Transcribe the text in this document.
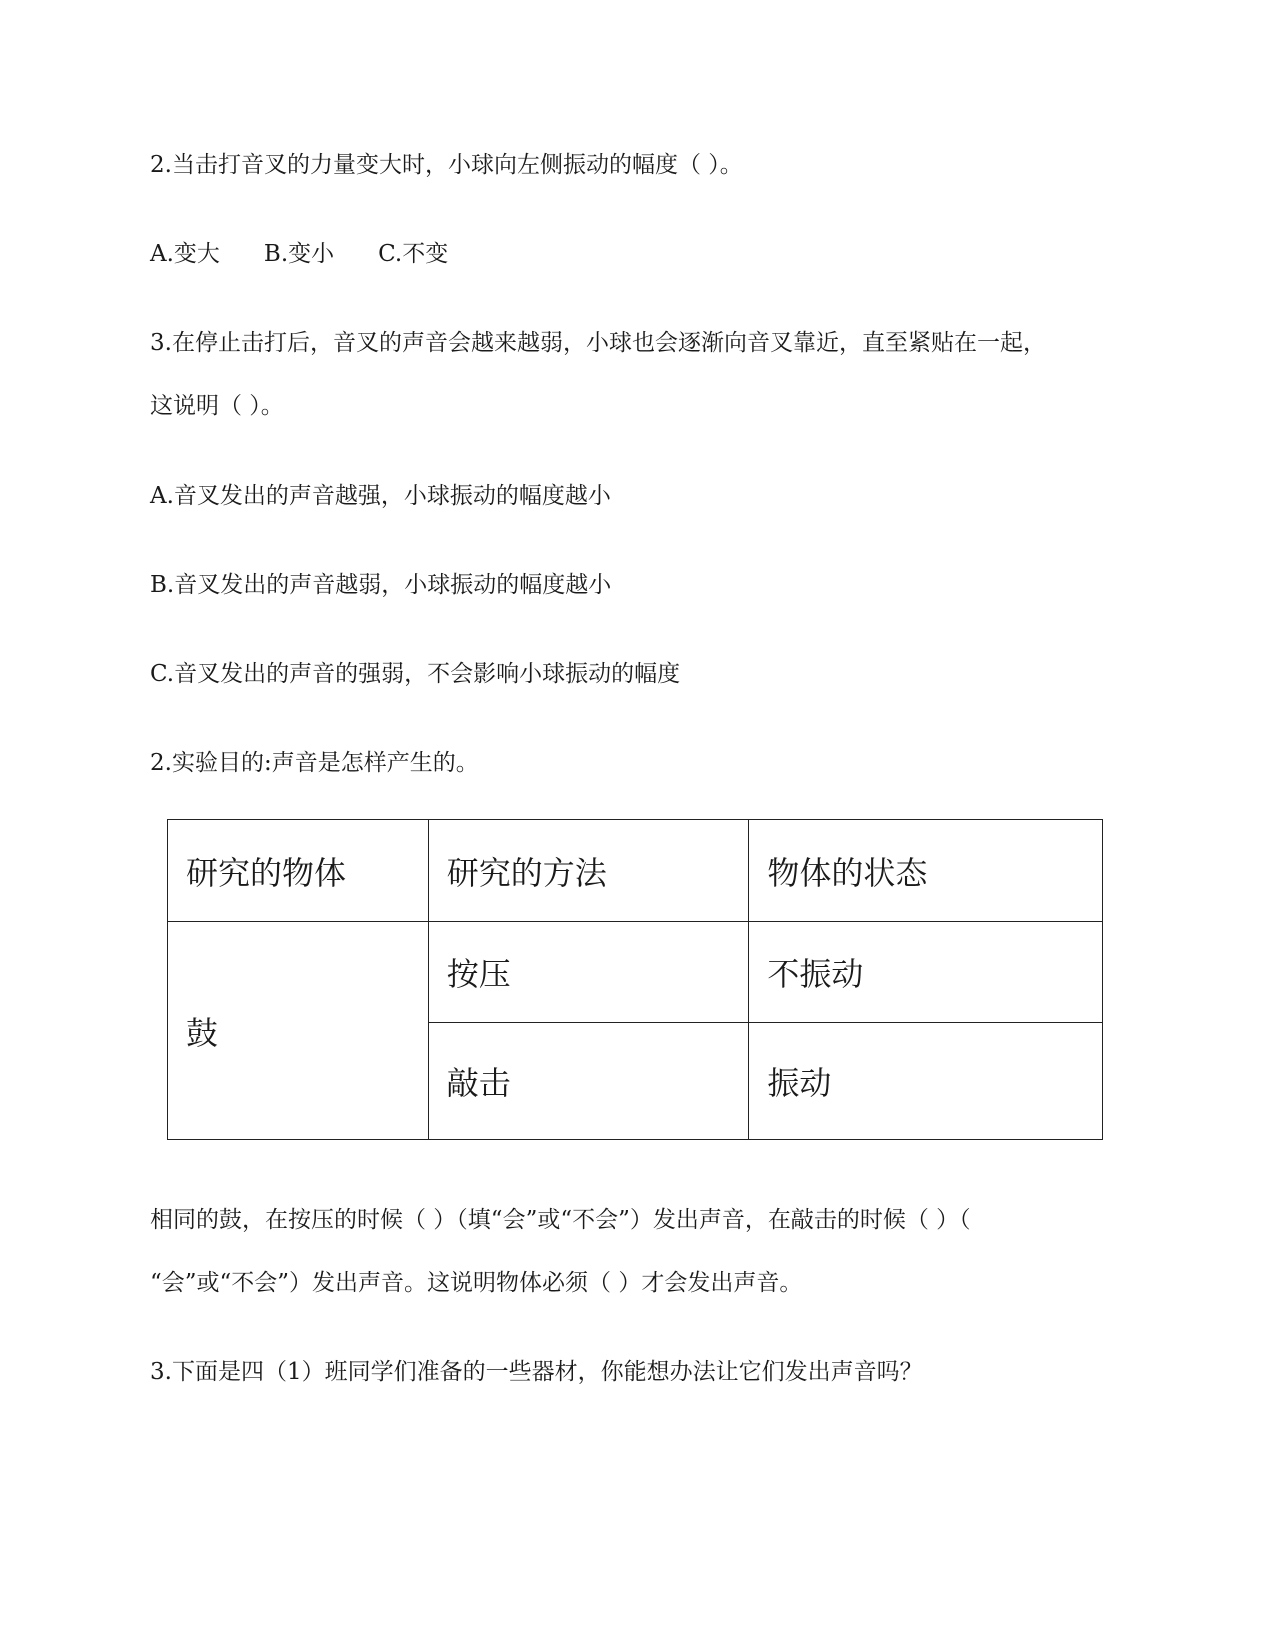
2.当击打音叉的力量变大时，小球向左侧振动的幅度（ ）。

A.变大 B.变小 C.不变

3.在停止击打后，音叉的声音会越来越弱，小球也会逐渐向音叉靠近，直至紧贴在一起，

这说明（ ）。

A.音叉发出的声音越强，小球振动的幅度越小

B.音叉发出的声音越弱，小球振动的幅度越小

C.音叉发出的声音的强弱，不会影响小球振动的幅度

2.实验目的:声音是怎样产生的。

研究的物体	研究的方法	物体的状态
鼓	按压	不振动
	敲击	振动

相同的鼓，在按压的时候（ ）（填“会”或“不会”）发出声音，在敲击的时候（ ）（

“会”或“不会”）发出声音。这说明物体必须（ ）才会发出声音。

3.下面是四（1）班同学们准备的一些器材，你能想办法让它们发出声音吗？
